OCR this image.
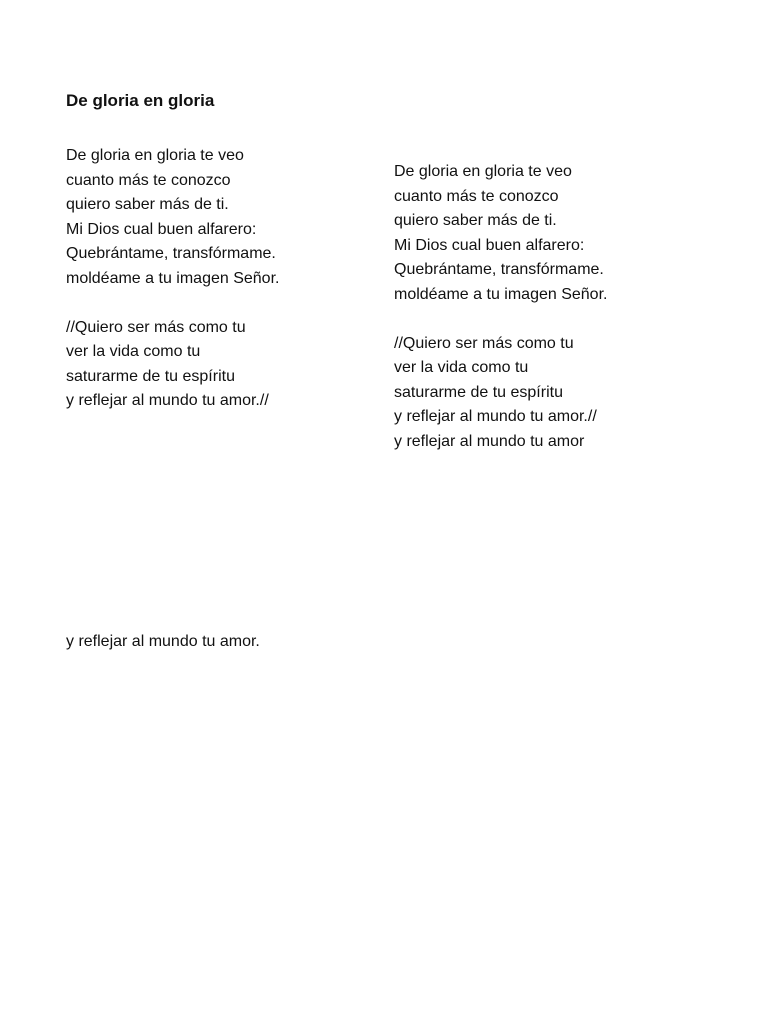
De gloria en gloria

De gloria en gloria te veo
cuanto más te conozco
quiero saber más de ti.
Mi Dios cual buen alfarero:
Quebrántame, transfórmame.
moldéame a tu imagen Señor.

//Quiero ser más como tu
ver la vida como tu
saturarme de tu espíritu
y reflejar al mundo tu amor.//

De gloria en gloria te veo
cuanto más te conozco
quiero saber más de ti.
Mi Dios cual buen alfarero:
Quebrántame, transfórmame.
moldéame a tu imagen Señor.

//Quiero ser más como tu
ver la vida como tu
saturarme de tu espíritu
y reflejar al mundo tu amor.//
y reflejar al mundo tu amor

y reflejar al mundo tu amor.
